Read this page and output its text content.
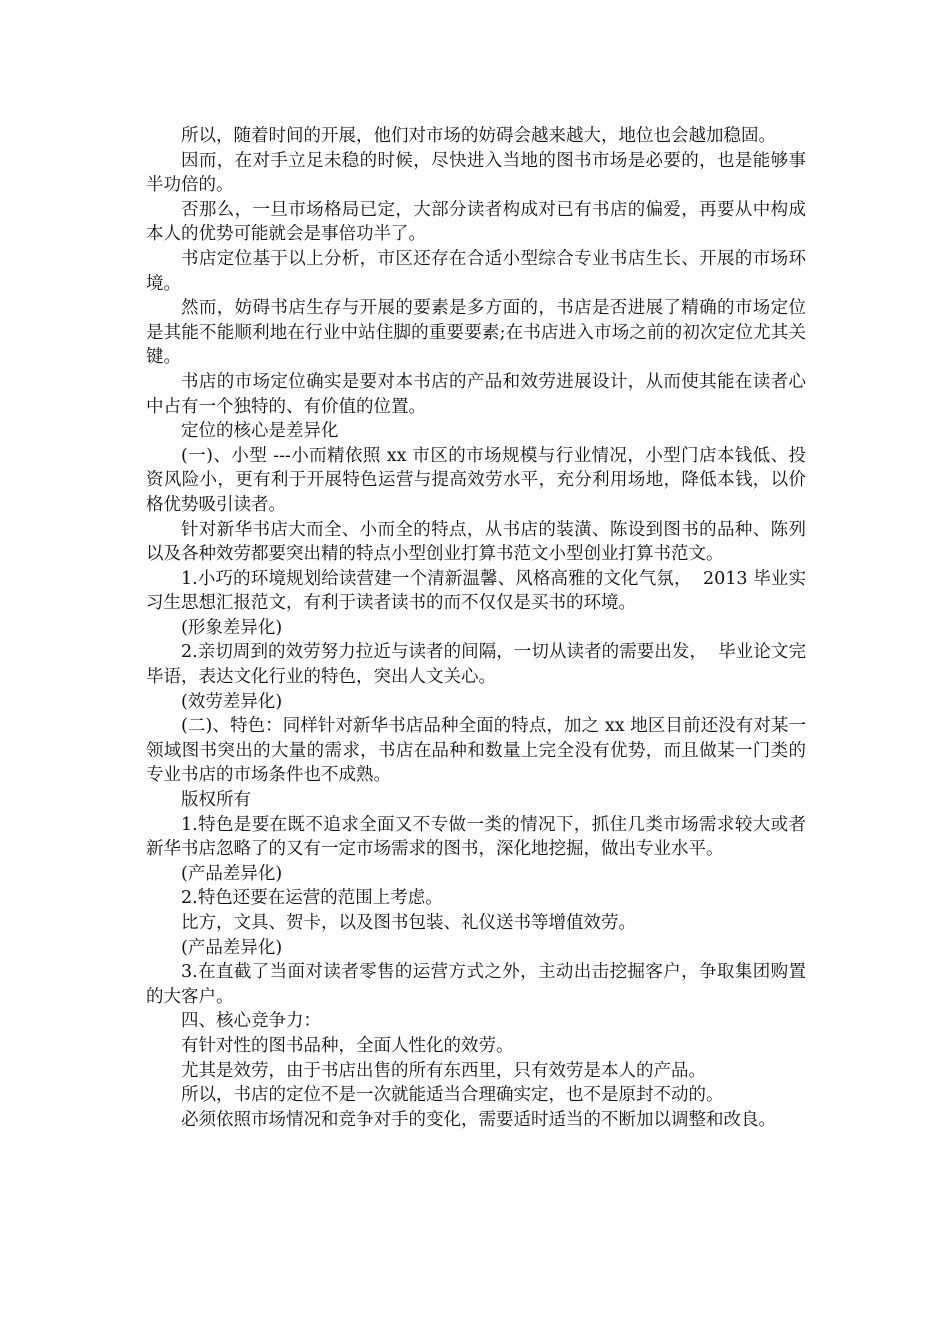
所以，随着时间的开展，他们对市场的妨碍会越来越大，地位也会越加稳固。

因而，在对手立足未稳的时候，尽快进入当地的图书市场是必要的，也是能够事半功倍的。

否那么，一旦市场格局已定，大部分读者构成对已有书店的偏爱，再要从中构成本人的优势可能就会是事倍功半了。

书店定位基于以上分析，市区还存在合适小型综合专业书店生长、开展的市场环境。

然而，妨碍书店生存与开展的要素是多方面的，书店是否进展了精确的市场定位是其能不能顺利地在行业中站住脚的重要要素;在书店进入市场之前的初次定位尤其关键。

书店的市场定位确实是要对本书店的产品和效劳进展设计，从而使其能在读者心中占有一个独特的、有价值的位置。

定位的核心是差异化

(一)、小型 ---小而精依照 xx 市区的市场规模与行业情况，小型门店本钱低、投资风险小，更有利于开展特色运营与提高效劳水平，充分利用场地，降低本钱，以价格优势吸引读者。

针对新华书店大而全、小而全的特点，从书店的装潢、陈设到图书的品种、陈列以及各种效劳都要突出精的特点小型创业打算书范文小型创业打算书范文。

1.小巧的环境规划给读营建一个清新温馨、风格高雅的文化气氛，  2013 毕业实习生思想汇报范文，有利于读者读书的而不仅仅是买书的环境。

(形象差异化)

2.亲切周到的效劳努力拉近与读者的间隔，一切从读者的需要出发，  毕业论文完毕语，表达文化行业的特色，突出人文关心。

(效劳差异化)

(二)、特色：同样针对新华书店品种全面的特点，加之 xx 地区目前还没有对某一领域图书突出的大量的需求，书店在品种和数量上完全没有优势，而且做某一门类的专业书店的市场条件也不成熟。

版权所有

1.特色是要在既不追求全面又不专做一类的情况下，抓住几类市场需求较大或者新华书店忽略了的又有一定市场需求的图书，深化地挖掘，做出专业水平。

(产品差异化)

2.特色还要在运营的范围上考虑。

比方，文具、贺卡，以及图书包装、礼仪送书等增值效劳。

(产品差异化)

3.在直截了当面对读者零售的运营方式之外，主动出击挖掘客户，争取集团购置的大客户。

四、核心竞争力：

有针对性的图书品种，全面人性化的效劳。

尤其是效劳，由于书店出售的所有东西里，只有效劳是本人的产品。

所以，书店的定位不是一次就能适当合理确实定，也不是原封不动的。

必须依照市场情况和竞争对手的变化，需要适时适当的不断加以调整和改良。
